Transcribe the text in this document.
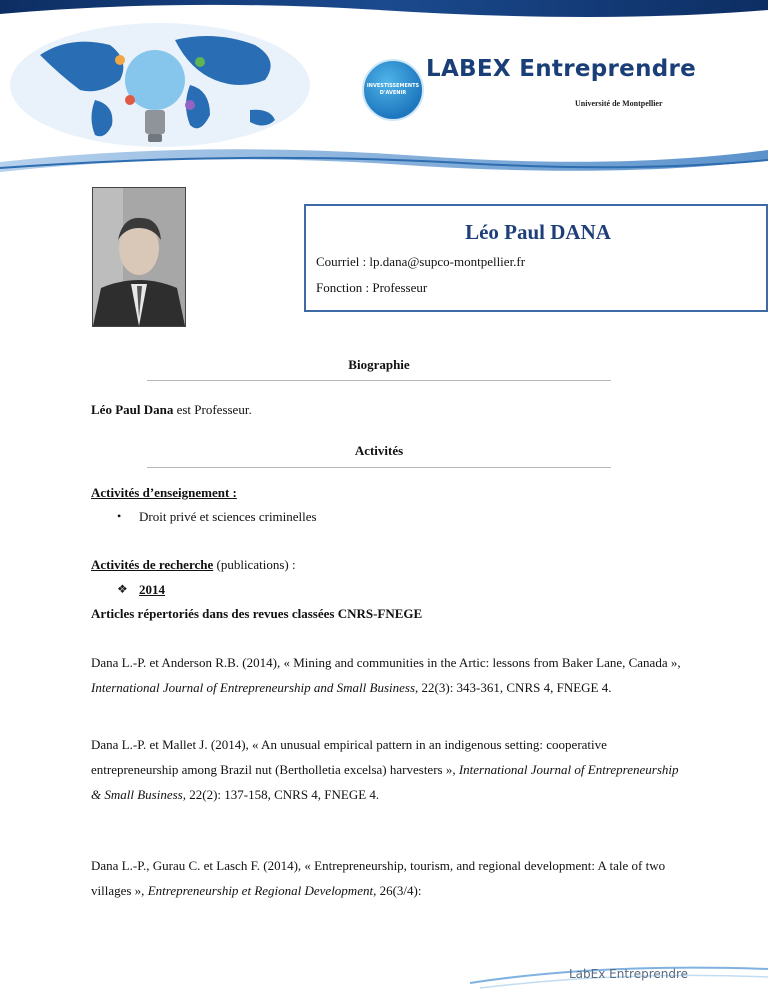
INVESTISSEMENTS
D'AVENIR
LABEX Entreprendre
Université de Montpellier
Léo Paul DANA
Courriel : lp.dana@supco-montpellier.fr
Fonction : Professeur
Biographie
Léo Paul Dana est Professeur.
Activités
Activités d’enseignement :
• Droit privé et sciences criminelles
Activités de recherche (publications) :
❖ 2014
Articles répertoriés dans des revues classées CNRS-FNEGE
Dana L.-P. et Anderson R.B. (2014), « Mining and communities in the Artic: lessons from Baker Lane, Canada », International Journal of Entrepreneurship and Small Business, 22(3): 343-361, CNRS 4, FNEGE 4.
Dana L.-P. et Mallet J. (2014), « An unusual empirical pattern in an indigenous setting: cooperative entrepreneurship among Brazil nut (Bertholletia excelsa) harvesters », International Journal of Entrepreneurship & Small Business, 22(2): 137-158, CNRS 4, FNEGE 4.
Dana L.-P., Gurau C. et Lasch F. (2014), « Entrepreneurship, tourism, and regional development: A tale of two villages », Entrepreneurship et Regional Development, 26(3/4):
LabEx Entreprendre
